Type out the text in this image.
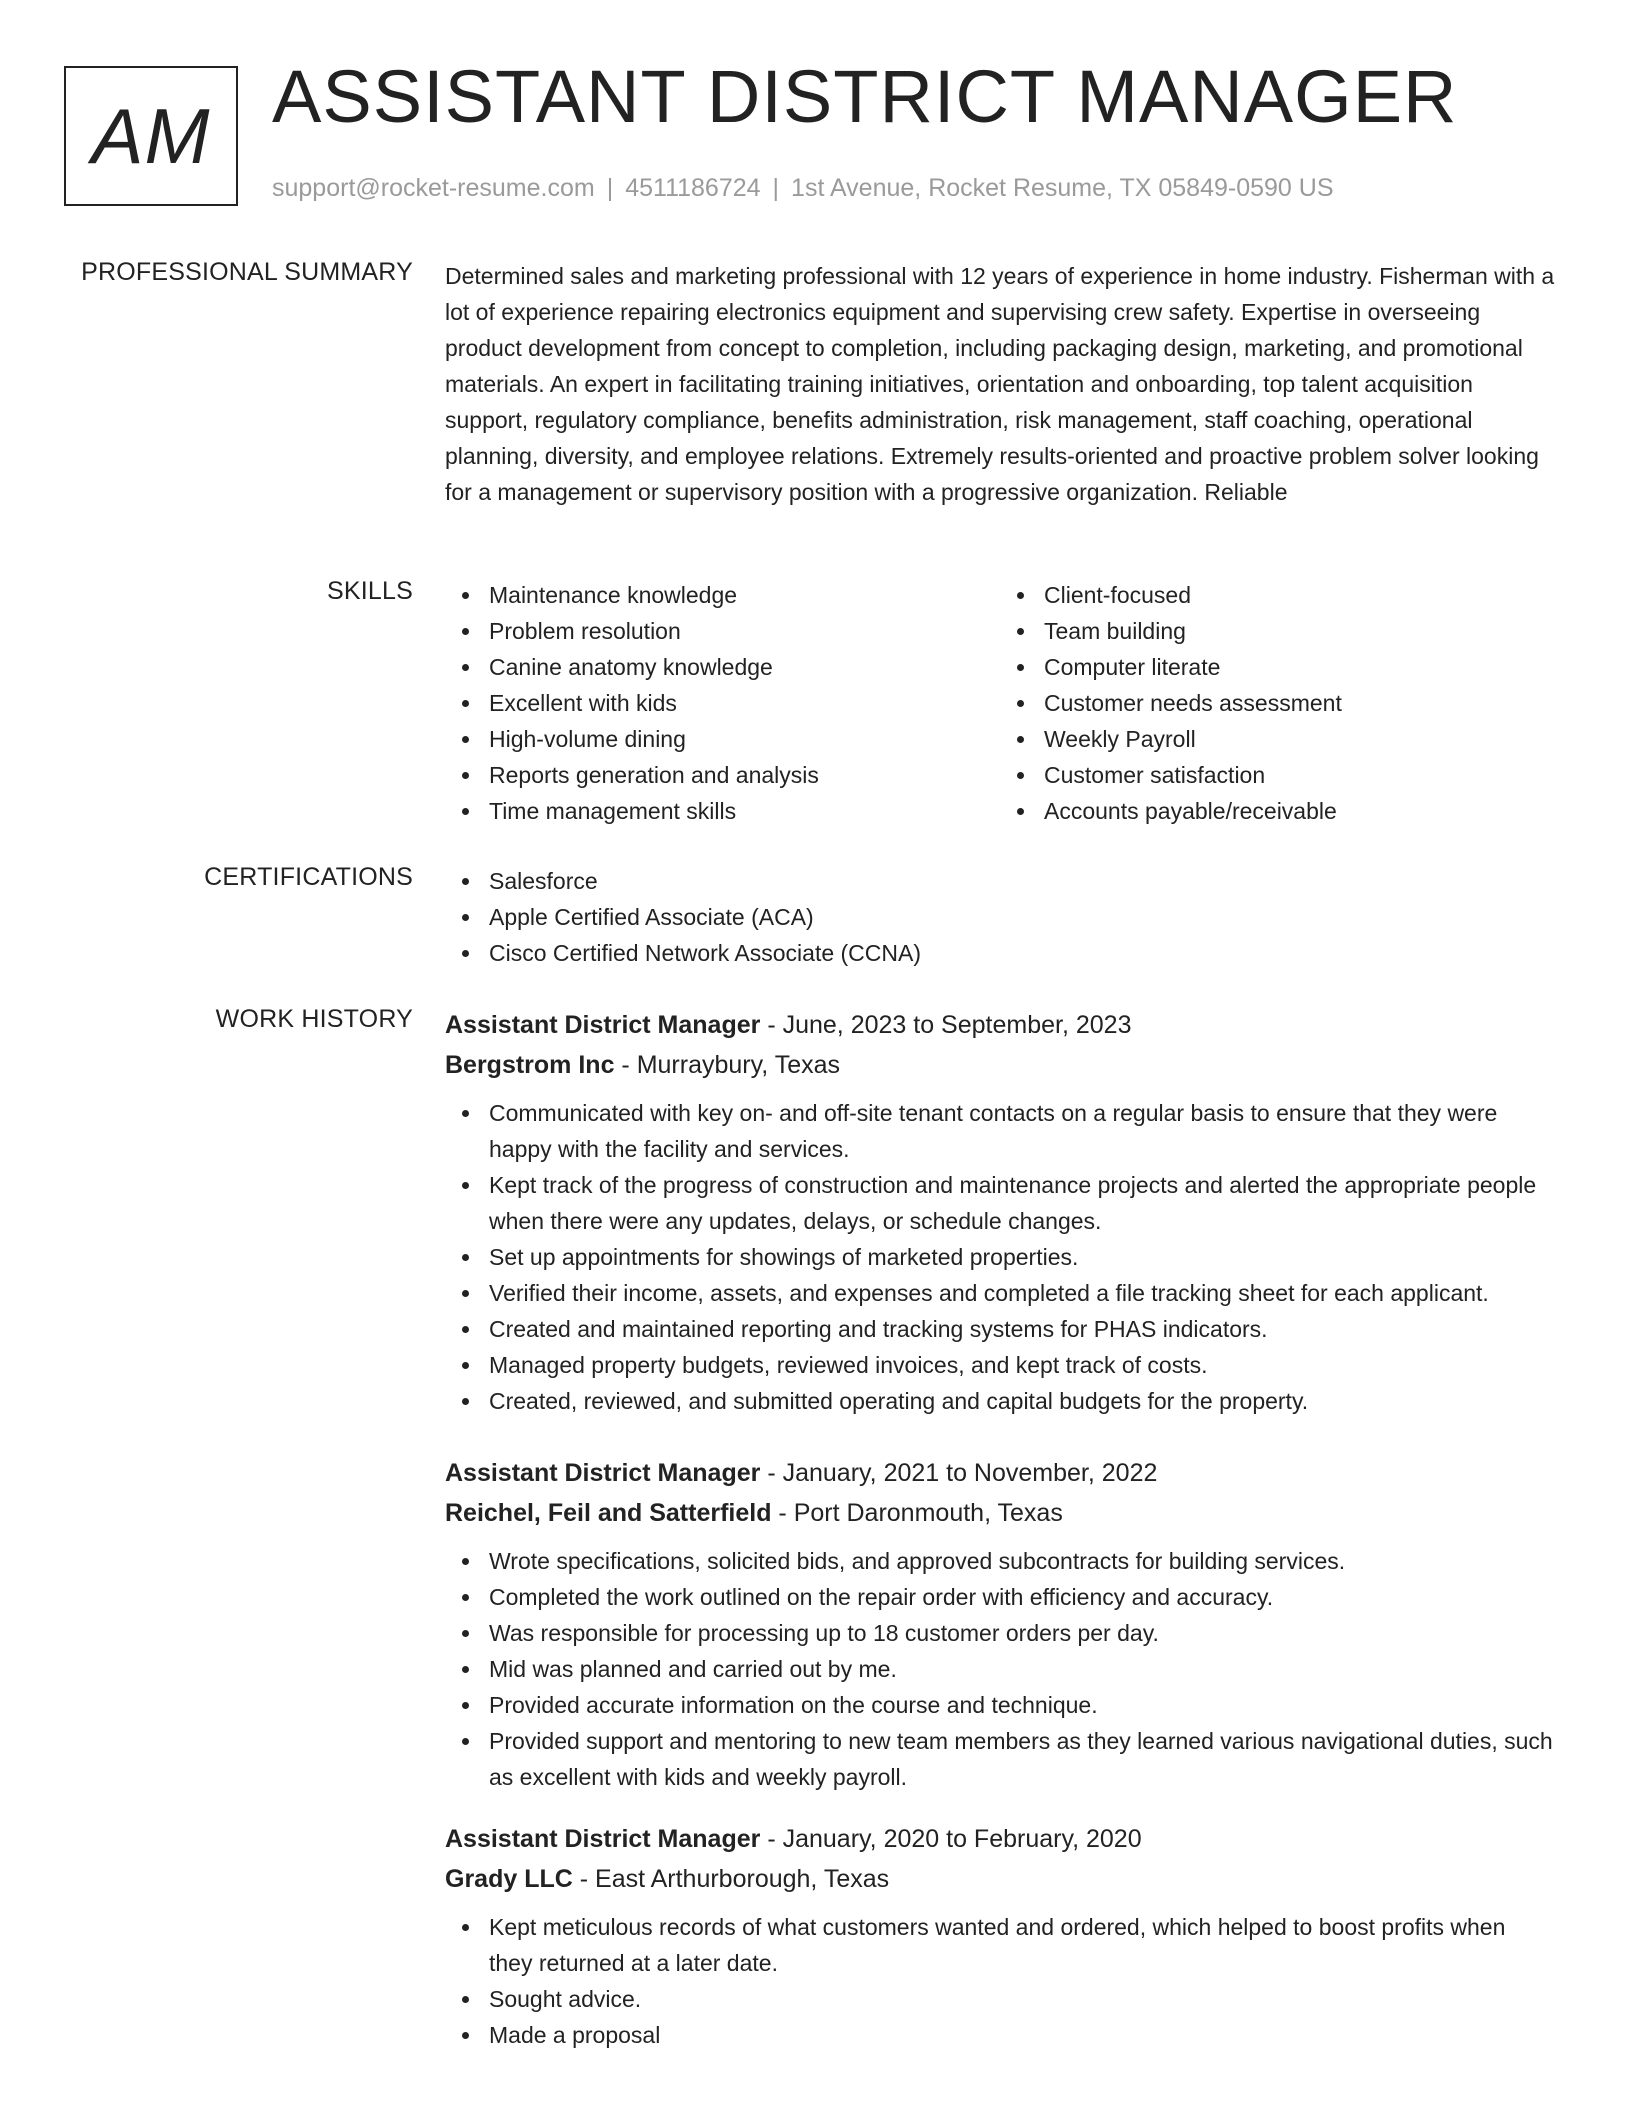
AM ASSISTANT DISTRICT MANAGER
support@rocket-resume.com | 4511186724 | 1st Avenue, Rocket Resume, TX 05849-0590 US
PROFESSIONAL SUMMARY Determined sales and marketing professional with 12 years of experience in home industry. Fisherman with a lot of experience repairing electronics equipment and supervising crew safety. Expertise in overseeing product development from concept to completion, including packaging design, marketing, and promotional materials. An expert in facilitating training initiatives, orientation and onboarding, top talent acquisition support, regulatory compliance, benefits administration, risk management, staff coaching, operational planning, diversity, and employee relations. Extremely results-oriented and proactive problem solver looking for a management or supervisory position with a progressive organization. Reliable

SKILLS	Maintenance knowledge
Problem resolution
Canine anatomy knowledge
Excellent with kids
High-volume dining
Reports generation and analysis
Time management skills
Client-focused
Team building
Computer literate
Customer needs assessment
Weekly Payroll
Customer satisfaction
Accounts payable/receivable
CERTIFICATIONS	Salesforce
Apple Certified Associate (ACA)
Cisco Certified Network Associate (CCNA)
WORK HISTORY Assistant District Manager - June, 2023 to September, 2023
Bergstrom Inc - Murraybury, Texas
Communicated with key on- and off-site tenant contacts on a regular basis to ensure that they were happy with the facility and services.
Kept track of the progress of construction and maintenance projects and alerted the appropriate people when there were any updates, delays, or schedule changes.
Set up appointments for showings of marketed properties.
Verified their income, assets, and expenses and completed a file tracking sheet for each applicant.
Created and maintained reporting and tracking systems for PHAS indicators.
Managed property budgets, reviewed invoices, and kept track of costs.
Created, reviewed, and submitted operating and capital budgets for the property.
Assistant District Manager - January, 2021 to November, 2022
Reichel, Feil and Satterfield - Port Daronmouth, Texas
Wrote specifications, solicited bids, and approved subcontracts for building services.
Completed the work outlined on the repair order with efficiency and accuracy.
Was responsible for processing up to 18 customer orders per day.
Mid was planned and carried out by me.
Provided accurate information on the course and technique.
Provided support and mentoring to new team members as they learned various navigational duties, such as excellent with kids and weekly payroll.
Assistant District Manager - January, 2020 to February, 2020
Grady LLC - East Arthurborough, Texas
Kept meticulous records of what customers wanted and ordered, which helped to boost profits when they returned at a later date.
Sought advice.
Made a proposal
